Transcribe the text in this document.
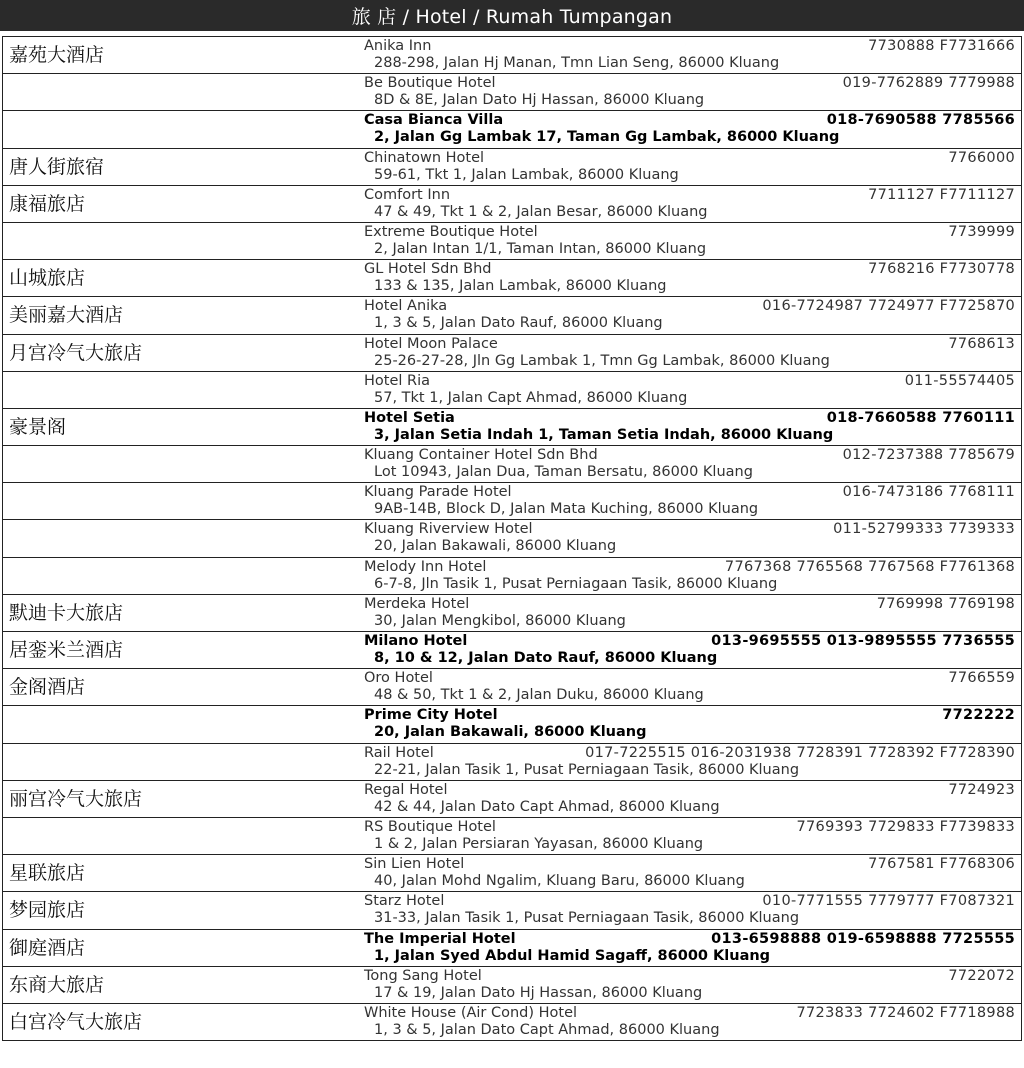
旅 店 / Hotel / Rumah Tumpangan
嘉苑大酒店	Anika Inn	7730888 F7731666
288-298, Jalan Hj Manan, Tmn Lian Seng, 86000 Kluang
Be Boutique Hotel	019-7762889 7779988
8D & 8E, Jalan Dato Hj Hassan, 86000 Kluang
Casa Bianca Villa	018-7690588 7785566
2, Jalan Gg Lambak 17, Taman Gg Lambak, 86000 Kluang
唐人街旅宿	Chinatown Hotel	7766000
59-61, Tkt 1, Jalan Lambak, 86000 Kluang
康福旅店	Comfort Inn	7711127 F7711127
47 & 49, Tkt 1 & 2, Jalan Besar, 86000 Kluang
Extreme Boutique Hotel	7739999
2, Jalan Intan 1/1, Taman Intan, 86000 Kluang
山城旅店	GL Hotel Sdn Bhd	7768216 F7730778
133 & 135, Jalan Lambak, 86000 Kluang
美丽嘉大酒店	Hotel Anika	016-7724987 7724977 F7725870
1, 3 & 5, Jalan Dato Rauf, 86000 Kluang
月宫冷气大旅店	Hotel Moon Palace	7768613
25-26-27-28, Jln Gg Lambak 1, Tmn Gg Lambak, 86000 Kluang
Hotel Ria	011-55574405
57, Tkt 1, Jalan Capt Ahmad, 86000 Kluang
豪景阁	Hotel Setia	018-7660588 7760111
3, Jalan Setia Indah 1, Taman Setia Indah, 86000 Kluang
Kluang Container Hotel Sdn Bhd	012-7237388 7785679
Lot 10943, Jalan Dua, Taman Bersatu, 86000 Kluang
Kluang Parade Hotel	016-7473186 7768111
9AB-14B, Block D, Jalan Mata Kuching, 86000 Kluang
Kluang Riverview Hotel	011-52799333 7739333
20, Jalan Bakawali, 86000 Kluang
Melody Inn Hotel	7767368 7765568 7767568 F7761368
6-7-8, Jln Tasik 1, Pusat Perniagaan Tasik, 86000 Kluang
默迪卡大旅店	Merdeka Hotel	7769998 7769198
30, Jalan Mengkibol, 86000 Kluang
居銮米兰酒店	Milano Hotel	013-9695555 013-9895555 7736555
8, 10 & 12, Jalan Dato Rauf, 86000 Kluang
金阁酒店	Oro Hotel	7766559
48 & 50, Tkt 1 & 2, Jalan Duku, 86000 Kluang
Prime City Hotel	7722222
20, Jalan Bakawali, 86000 Kluang
Rail Hotel	017-7225515 016-2031938 7728391 7728392 F7728390
22-21, Jalan Tasik 1, Pusat Perniagaan Tasik, 86000 Kluang
丽宫冷气大旅店	Regal Hotel	7724923
42 & 44, Jalan Dato Capt Ahmad, 86000 Kluang
RS Boutique Hotel	7769393 7729833 F7739833
1 & 2, Jalan Persiaran Yayasan, 86000 Kluang
星联旅店	Sin Lien Hotel	7767581 F7768306
40, Jalan Mohd Ngalim, Kluang Baru, 86000 Kluang
梦园旅店	Starz Hotel	010-7771555 7779777 F7087321
31-33, Jalan Tasik 1, Pusat Perniagaan Tasik, 86000 Kluang
御庭酒店	The Imperial Hotel	013-6598888 019-6598888 7725555
1, Jalan Syed Abdul Hamid Sagaff, 86000 Kluang
东商大旅店	Tong Sang Hotel	7722072
17 & 19, Jalan Dato Hj Hassan, 86000 Kluang
白宫冷气大旅店	White House (Air Cond) Hotel	7723833 7724602 F7718988
1, 3 & 5, Jalan Dato Capt Ahmad, 86000 Kluang
